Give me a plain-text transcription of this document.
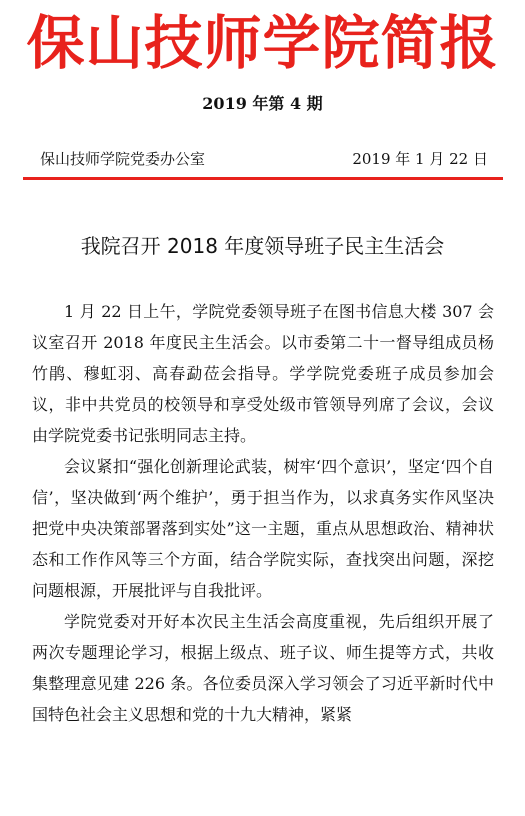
保山技师学院简报
2019 年第 4 期
保山技师学院党委办公室	2019 年 1 月 22 日
我院召开 2018 年度领导班子民主生活会

1 月 22 日上午，学院党委领导班子在图书信息大楼 307 会议室召开 2018 年度民主生活会。以市委第二十一督导组成员杨竹鹃、穆虹羽、高春勐莅会指导。学学院党委班子成员参加会议，非中共党员的校领导和享受处级市管领导列席了会议，会议由学院党委书记张明同志主持。

会议紧扣“强化创新理论武装，树牢‘四个意识’，坚定‘四个自信’，坚决做到‘两个维护’，勇于担当作为，以求真务实作风坚决把党中央决策部署落到实处”这一主题，重点从思想政治、精神状态和工作作风等三个方面，结合学院实际，查找突出问题，深挖问题根源，开展批评与自我批评。

学院党委对开好本次民主生活会高度重视，先后组织开展了两次专题理论学习，根据上级点、班子议、师生提等方式，共收集整理意见建 226 条。各位委员深入学习领会了习近平新时代中国特色社会主义思想和党的十九大精神，紧紧
